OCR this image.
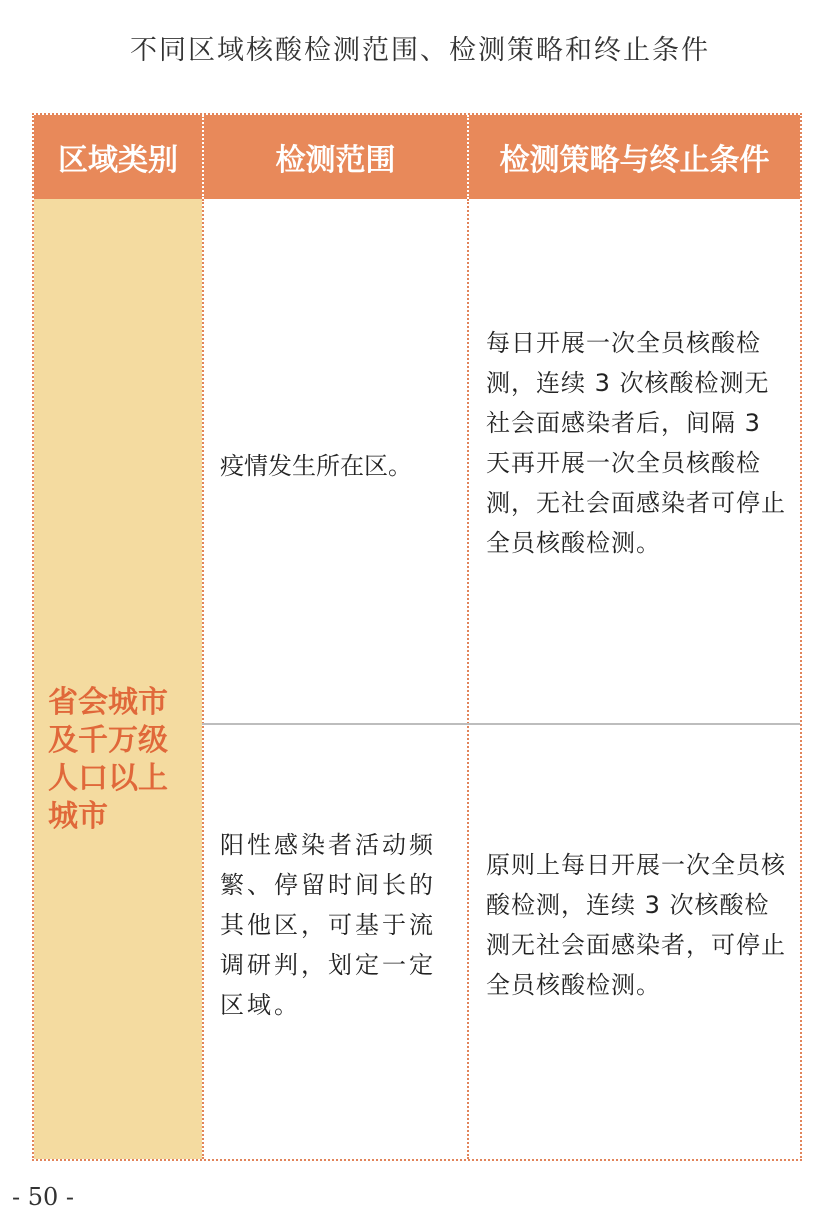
不同区域核酸检测范围、检测策略和终止条件
区域类别	检测范围	检测策略与终止条件
省会城市及千万级人口以上城市
疫情发生所在区。
每日开展一次全员核酸检测，连续 3 次核酸检测无社会面感染者后，间隔 3 天再开展一次全员核酸检测，无社会面感染者可停止全员核酸检测。
阳性感染者活动频繁、停留时间长的其他区，可基于流调研判，划定一定区域。
原则上每日开展一次全员核酸检测，连续 3 次核酸检测无社会面感染者，可停止全员核酸检测。
- 50 -
